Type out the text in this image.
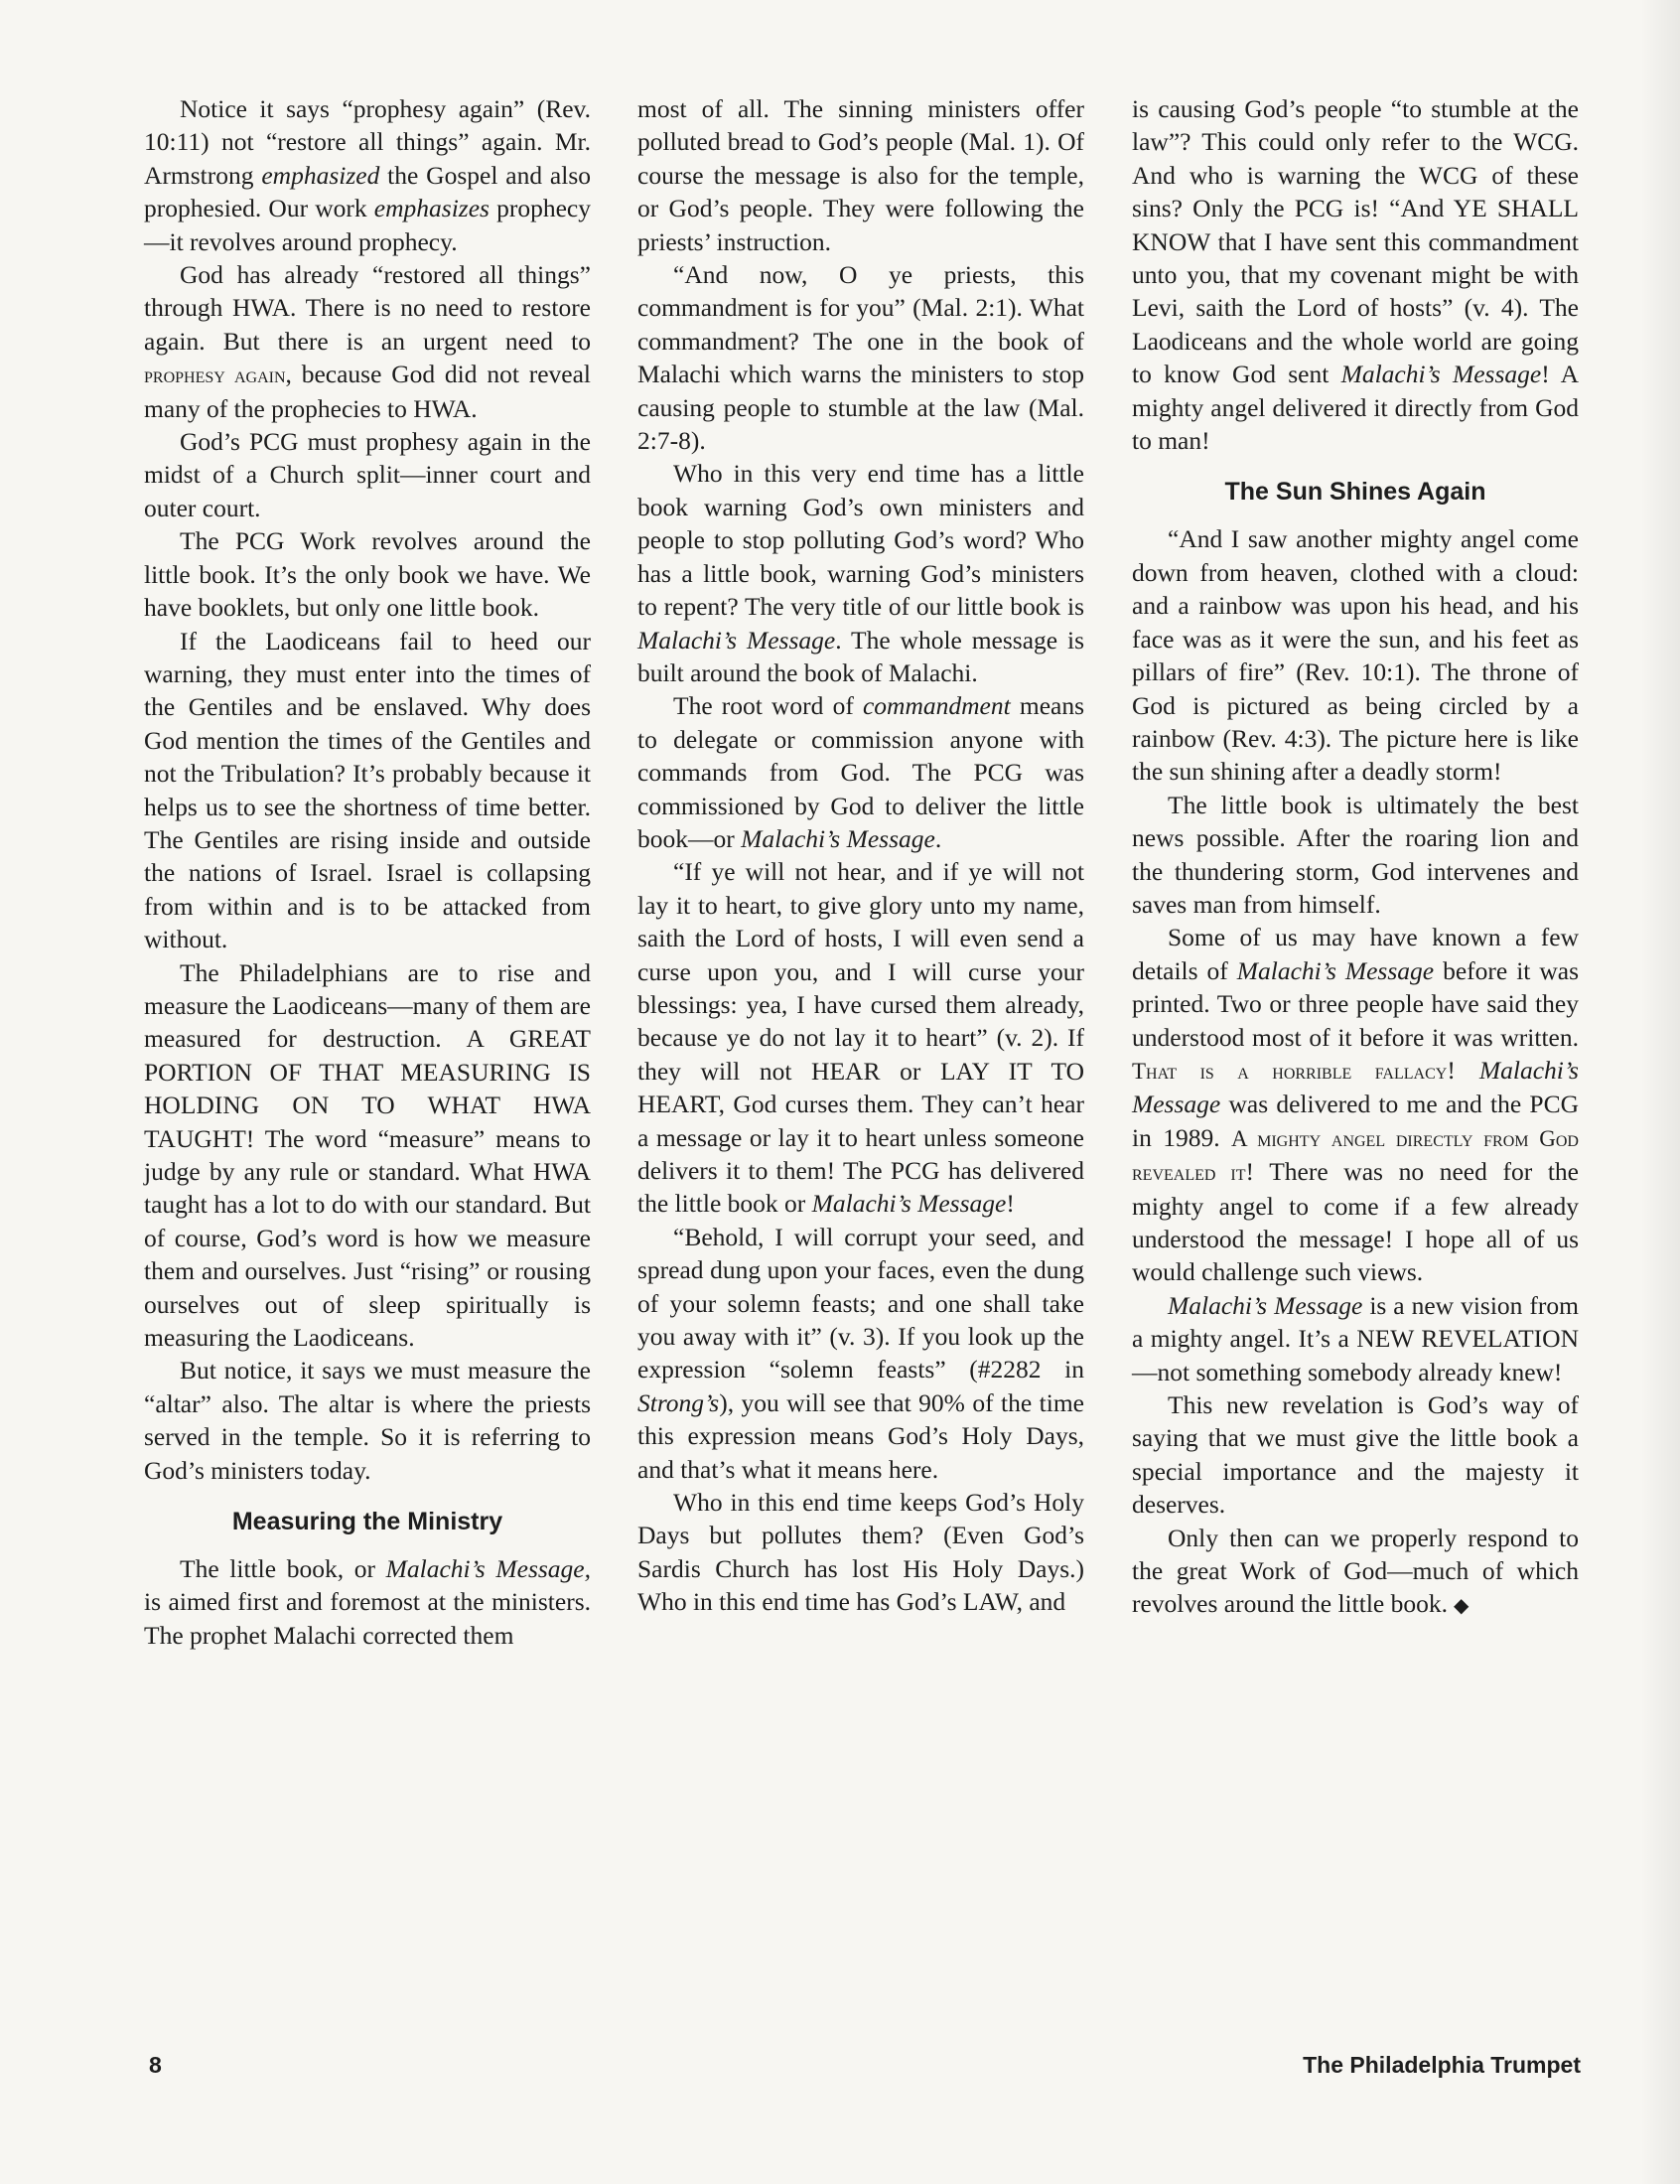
Notice it says “prophesy again” (Rev. 10:11) not “restore all things” again. Mr. Armstrong emphasized the Gospel and also prophesied. Our work emphasizes prophecy—it revolves around prophecy.

God has already “restored all things” through HWA. There is no need to restore again. But there is an urgent need to prophesy again, because God did not reveal many of the prophecies to HWA.

God’s PCG must prophesy again in the midst of a Church split—inner court and outer court.

The PCG Work revolves around the little book. It’s the only book we have. We have booklets, but only one little book.

If the Laodiceans fail to heed our warning, they must enter into the times of the Gentiles and be enslaved. Why does God mention the times of the Gentiles and not the Tribulation? It’s probably because it helps us to see the shortness of time better. The Gentiles are rising inside and outside the nations of Israel. Israel is collapsing from within and is to be attacked from without.

The Philadelphians are to rise and measure the Laodiceans—many of them are measured for destruction. A GREAT PORTION OF THAT MEASURING IS HOLDING ON TO WHAT HWA TAUGHT! The word “measure” means to judge by any rule or standard. What HWA taught has a lot to do with our standard. But of course, God’s word is how we measure them and ourselves. Just “rising” or rousing ourselves out of sleep spiritually is measuring the Laodiceans.

But notice, it says we must measure the “altar” also. The altar is where the priests served in the temple. So it is referring to God’s ministers today.

Measuring the Ministry

The little book, or Malachi’s Message, is aimed first and foremost at the ministers. The prophet Malachi corrected them

most of all. The sinning ministers offer polluted bread to God’s people (Mal. 1). Of course the message is also for the temple, or God’s people. They were following the priests’ instruction.

“And now, O ye priests, this commandment is for you” (Mal. 2:1). What commandment? The one in the book of Malachi which warns the ministers to stop causing people to stumble at the law (Mal. 2:7-8).

Who in this very end time has a little book warning God’s own ministers and people to stop polluting God’s word? Who has a little book, warning God’s ministers to repent? The very title of our little book is Malachi’s Message. The whole message is built around the book of Malachi.

The root word of commandment means to delegate or commission anyone with commands from God. The PCG was commissioned by God to deliver the little book—or Malachi’s Message.

“If ye will not hear, and if ye will not lay it to heart, to give glory unto my name, saith the Lord of hosts, I will even send a curse upon you, and I will curse your blessings: yea, I have cursed them already, because ye do not lay it to heart” (v. 2). If they will not HEAR or LAY IT TO HEART, God curses them. They can’t hear a message or lay it to heart unless someone delivers it to them! The PCG has delivered the little book or Malachi’s Message!

“Behold, I will corrupt your seed, and spread dung upon your faces, even the dung of your solemn feasts; and one shall take you away with it” (v. 3). If you look up the expression “solemn feasts” (#2282 in Strong’s), you will see that 90% of the time this expression means God’s Holy Days, and that’s what it means here.

Who in this end time keeps God’s Holy Days but pollutes them? (Even God’s Sardis Church has lost His Holy Days.) Who in this end time has God’s LAW, and

is causing God’s people “to stumble at the law”? This could only refer to the WCG. And who is warning the WCG of these sins? Only the PCG is! “And YE SHALL KNOW that I have sent this commandment unto you, that my covenant might be with Levi, saith the Lord of hosts” (v. 4). The Laodiceans and the whole world are going to know God sent Malachi’s Message! A mighty angel delivered it directly from God to man!

The Sun Shines Again

“And I saw another mighty angel come down from heaven, clothed with a cloud: and a rainbow was upon his head, and his face was as it were the sun, and his feet as pillars of fire” (Rev. 10:1). The throne of God is pictured as being circled by a rainbow (Rev. 4:3). The picture here is like the sun shining after a deadly storm!

The little book is ultimately the best news possible. After the roaring lion and the thundering storm, God intervenes and saves man from himself.

Some of us may have known a few details of Malachi’s Message before it was printed. Two or three people have said they understood most of it before it was written. That is a horrible fallacy! Malachi’s Message was delivered to me and the PCG in 1989. A mighty angel directly from God revealed it! There was no need for the mighty angel to come if a few already understood the message! I hope all of us would challenge such views.

Malachi’s Message is a new vision from a mighty angel. It’s a NEW REVELATION—not something somebody already knew!

This new revelation is God’s way of saying that we must give the little book a special importance and the majesty it deserves.

Only then can we properly respond to the great Work of God—much of which revolves around the little book. ◆

8	The Philadelphia Trumpet
